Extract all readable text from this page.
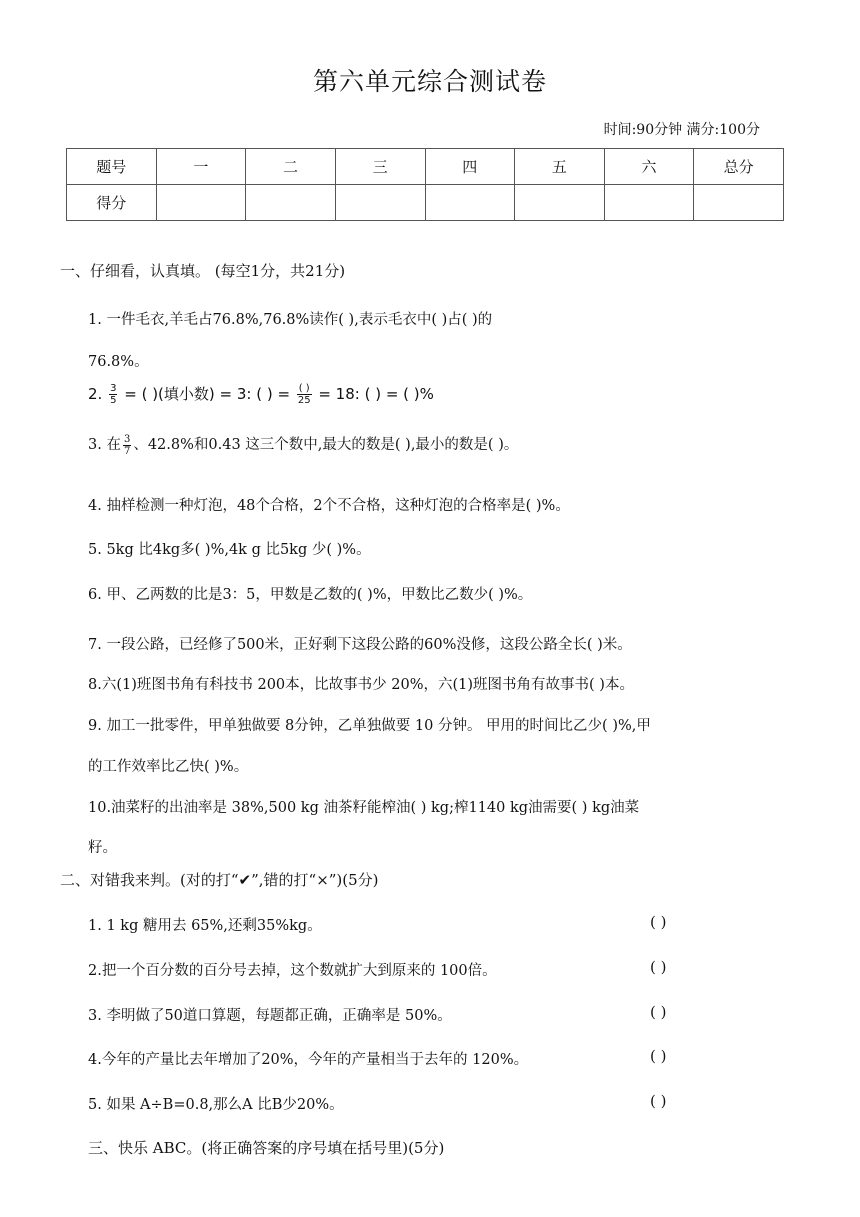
第六单元综合测试卷
时间:90分钟 满分:100分
题号	一	二	三	四	五	六	总分
得分							
一、仔细看，认真填。 (每空1分，共21分)
1. 一件毛衣,羊毛占76.8%,76.8%读作( ),表示毛衣中( )占( )的
76.8%。
2. $\frac{3}{5}$ = ( )(填小数) = 3: ( ) = $\frac{( )}{25} = 18$: ( ) = ( )%
3. 在 $\frac{3}{7}$ 、42.8%和0.43 这三个数中,最大的数是( ),最小的数是( )。
4. 抽样检测一种灯泡，48个合格，2个不合格，这种灯泡的合格率是( )%。
5. 5kg 比4kg多( )%,4k g 比5kg 少( )%。
6. 甲、乙两数的比是3：5，甲数是乙数的( )%，甲数比乙数少( )%。
7. 一段公路，已经修了500米，正好剩下这段公路的60%没修，这段公路全长( )米。
8.六(1)班图书角有科技书 200本，比故事书少 20%，六(1)班图书角有故事书( )本。
9. 加工一批零件，甲单独做要 8分钟，乙单独做要 10 分钟。 甲用的时间比乙少( )%,甲
的工作效率比乙快( )%。
10.油菜籽的出油率是 38%,500 kg 油茶籽能榨油( ) kg;榨1140 kg油需要( ) kg油菜
籽。
二、对错我来判。(对的打“✔”,错的打“×”)(5分)
1. 1 kg 糖用去 65%,还剩35%kg。	( )
2.把一个百分数的百分号去掉，这个数就扩大到原来的 100倍。	( )
3. 李明做了50道口算题，每题都正确，正确率是 50%。	( )
4.今年的产量比去年增加了20%，今年的产量相当于去年的 120%。	( )
5. 如果 A÷B=0.8,那么A 比B少20%。	( )
三、快乐 ABC。(将正确答案的序号填在括号里)(5分)
